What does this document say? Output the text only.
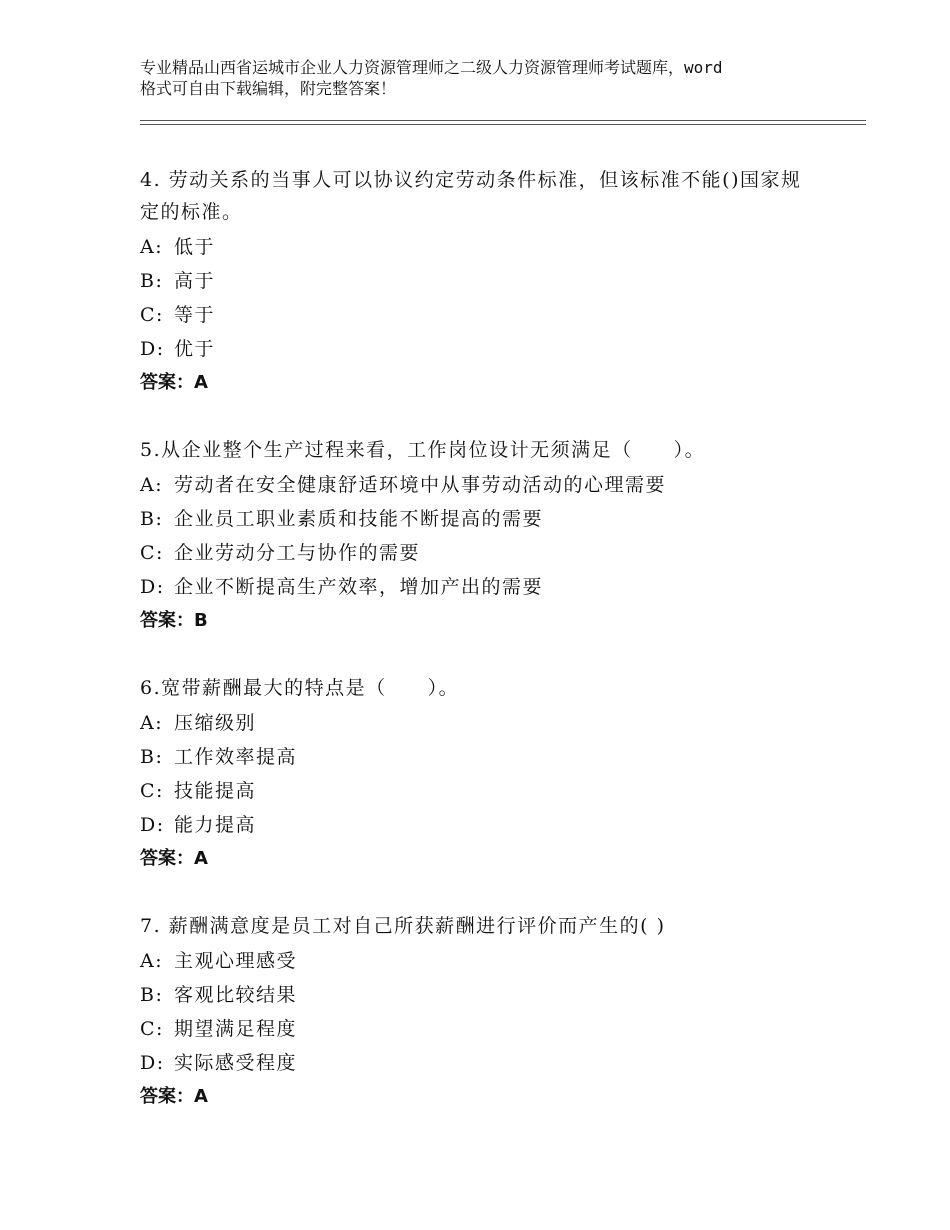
专业精品山西省运城市企业人力资源管理师之二级人力资源管理师考试题库，word
格式可自由下载编辑，附完整答案！
4. 劳动关系的当事人可以协议约定劳动条件标准，但该标准不能()国家规定的标准。
A: 低于
B: 高于
C: 等于
D: 优于
答案：A
5.从企业整个生产过程来看，工作岗位设计无须满足（　　）。
A: 劳动者在安全健康舒适环境中从事劳动活动的心理需要
B: 企业员工职业素质和技能不断提高的需要
C: 企业劳动分工与协作的需要
D: 企业不断提高生产效率，增加产出的需要
答案：B
6.宽带薪酬最大的特点是（　　）。
A: 压缩级别
B: 工作效率提高
C: 技能提高
D: 能力提高
答案：A
7. 薪酬满意度是员工对自己所获薪酬进行评价而产生的( )
A: 主观心理感受
B: 客观比较结果
C: 期望满足程度
D: 实际感受程度
答案：A
